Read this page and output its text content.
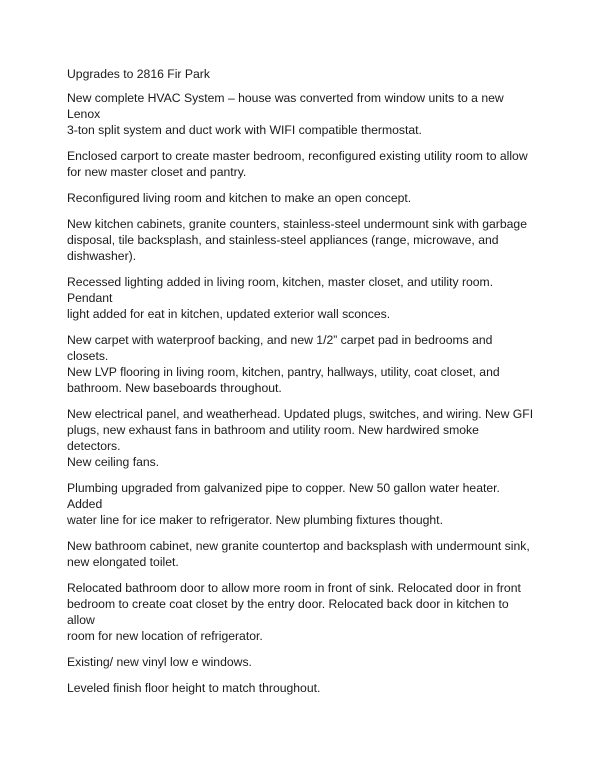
Upgrades to 2816 Fir Park

New complete HVAC System – house was converted from window units to a new Lenox
3-ton split system and duct work with WIFI compatible thermostat.

Enclosed carport to create master bedroom, reconfigured existing utility room to allow
for new master closet and pantry.

Reconfigured living room and kitchen to make an open concept.

New kitchen cabinets, granite counters, stainless-steel undermount sink with garbage
disposal, tile backsplash, and stainless-steel appliances (range, microwave, and
dishwasher).

Recessed lighting added in living room, kitchen, master closet, and utility room. Pendant
light added for eat in kitchen, updated exterior wall sconces.

New carpet with waterproof backing, and new 1/2” carpet pad in bedrooms and closets.
New LVP flooring in living room, kitchen, pantry, hallways, utility, coat closet, and
bathroom. New baseboards throughout.

New electrical panel, and weatherhead. Updated plugs, switches, and wiring. New GFI
plugs, new exhaust fans in bathroom and utility room. New hardwired smoke detectors.
New ceiling fans.

Plumbing upgraded from galvanized pipe to copper. New 50 gallon water heater. Added
water line for ice maker to refrigerator. New plumbing fixtures thought.

New bathroom cabinet, new granite countertop and backsplash with undermount sink,
new elongated toilet.

Relocated bathroom door to allow more room in front of sink. Relocated door in front
bedroom to create coat closet by the entry door. Relocated back door in kitchen to allow
room for new location of refrigerator.

Existing/ new vinyl low e windows.

Leveled finish floor height to match throughout.
